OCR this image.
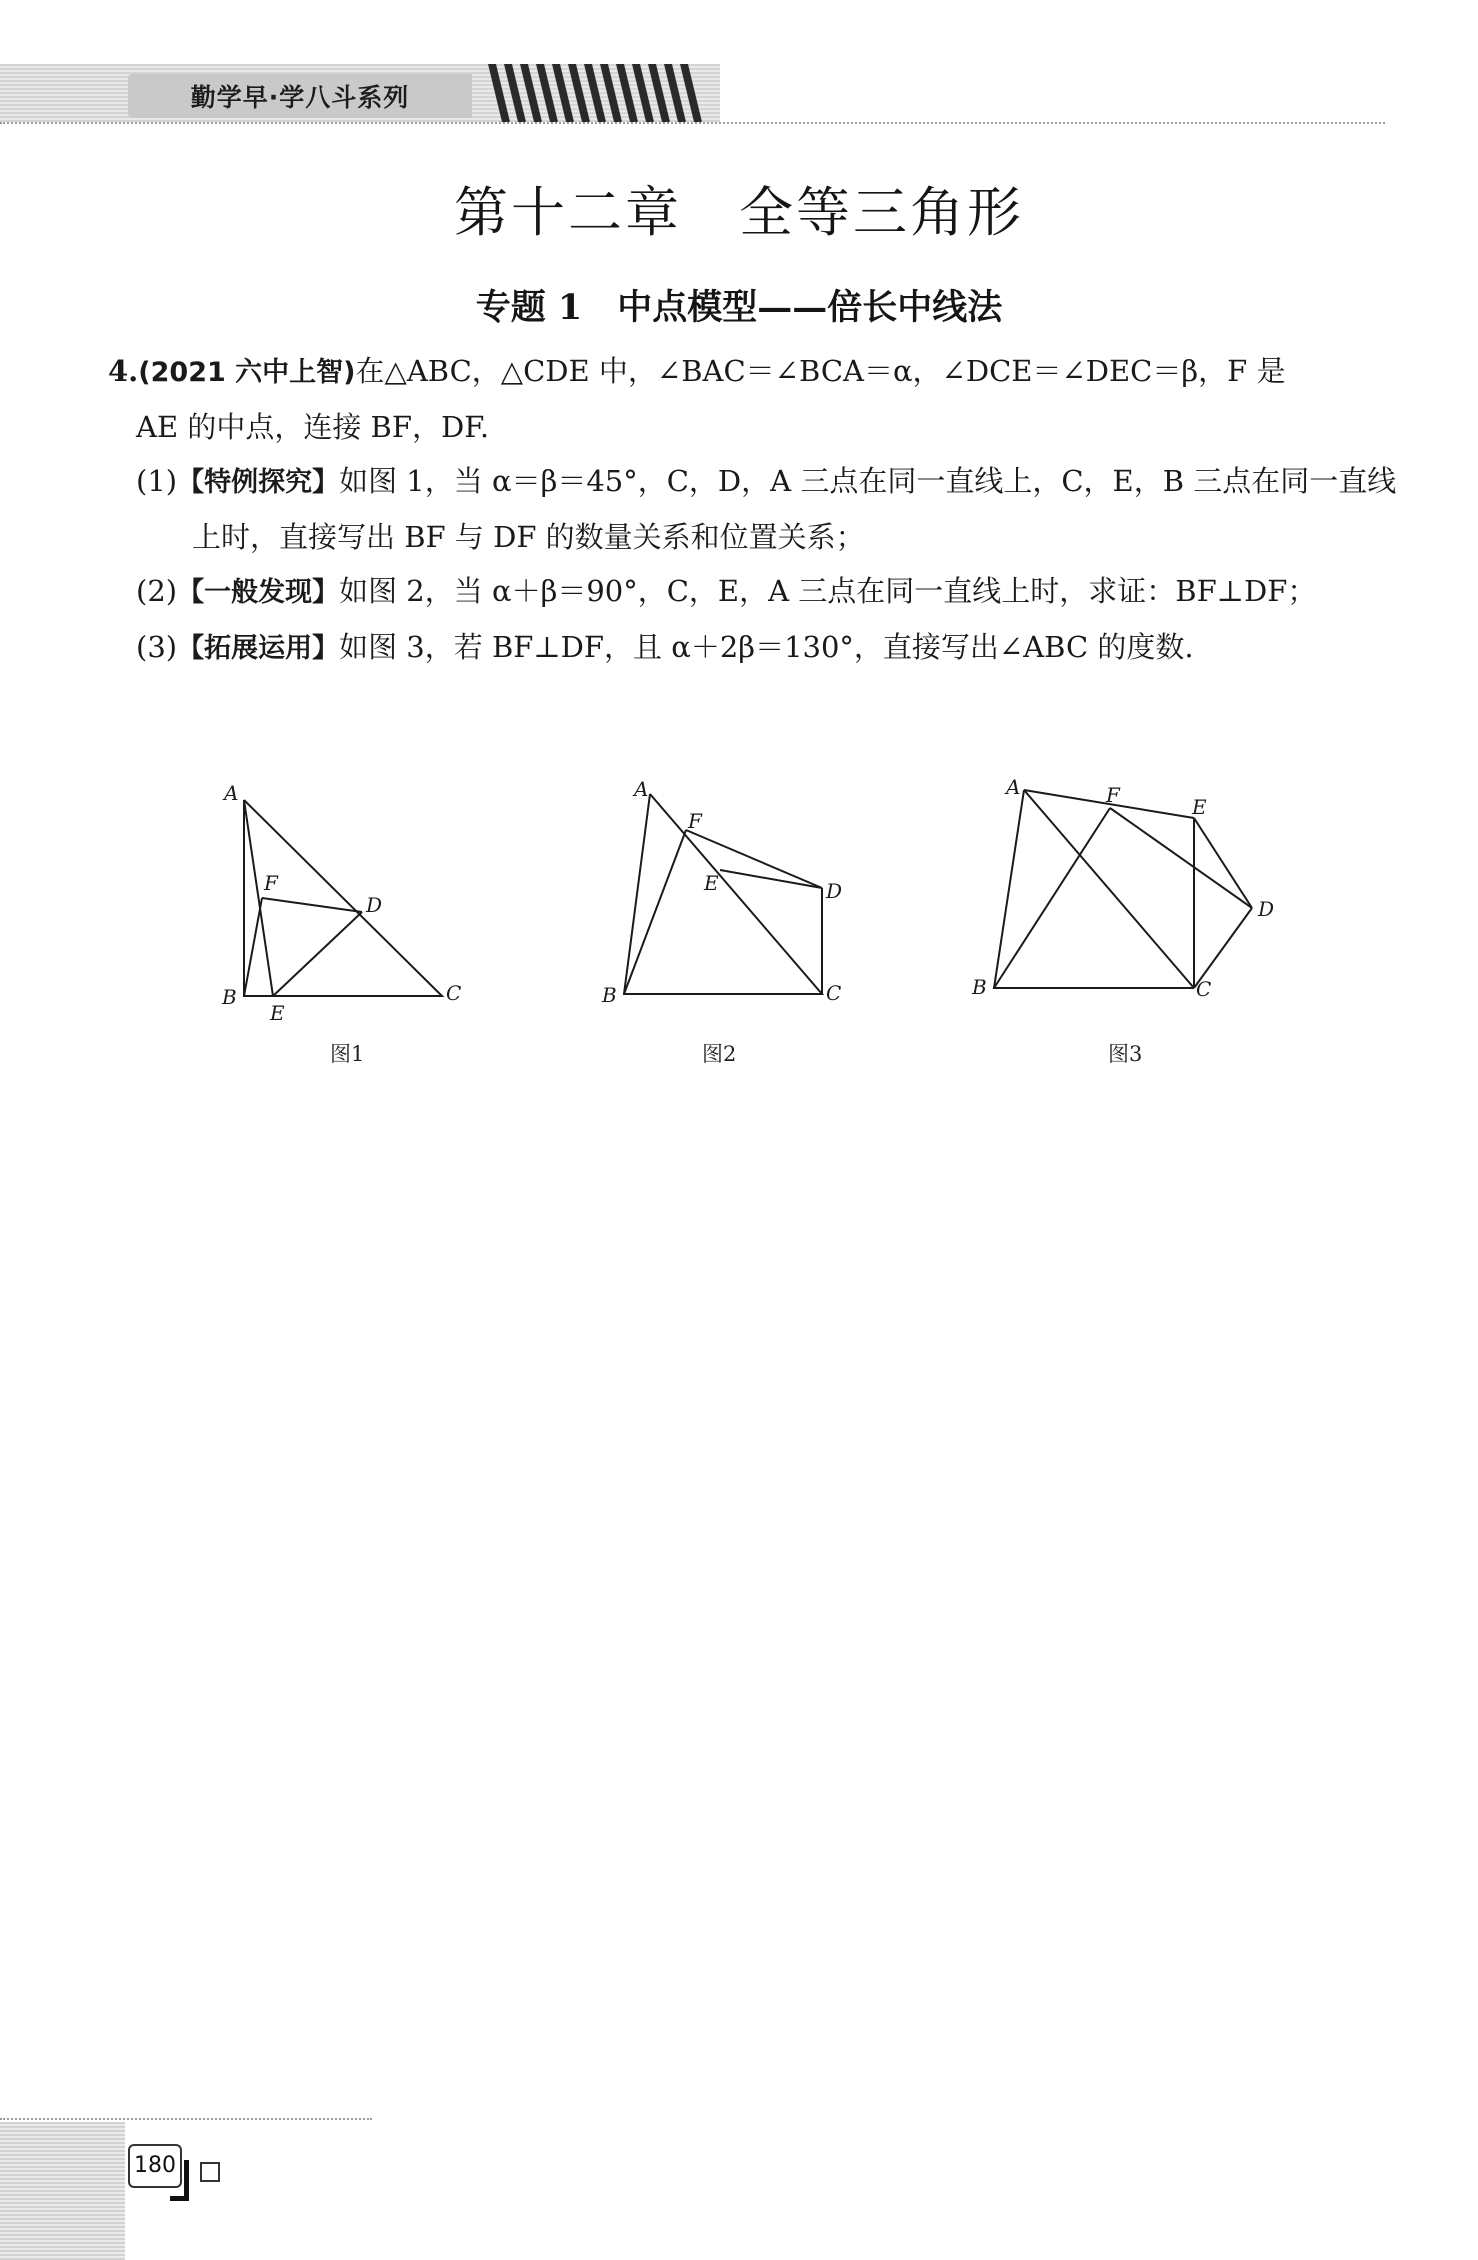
勤学早·学八斗系列
第十二章　全等三角形
专题 1　中点模型——倍长中线法
4.(2021 六中上智)在△ABC，△CDE 中，∠BAC＝∠BCA＝α，∠DCE＝∠DEC＝β，F 是
AE 的中点，连接 BF，DF.
(1)【特例探究】如图 1，当 α＝β＝45°，C，D，A 三点在同一直线上，C，E，B 三点在同一直线
上时，直接写出 BF 与 DF 的数量关系和位置关系；
(2)【一般发现】如图 2，当 α＋β＝90°，C，E，A 三点在同一直线上时，求证：BF⊥DF；
(3)【拓展运用】如图 3，若 BF⊥DF，且 α＋2β＝130°，直接写出∠ABC 的度数.
A
B	C
D
E
F
A
B	C
D
E
F
A
B	C
D
E
F
图1	图2	图3
180
